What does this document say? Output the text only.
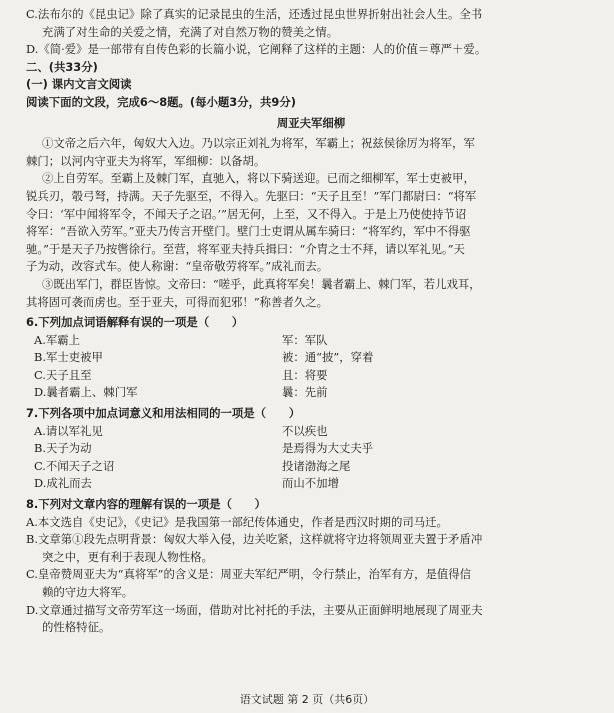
C.法布尔的《昆虫记》除了真实的记录昆虫的生活，还透过昆虫世界折射出社会人生。全书
充满了对生命的关爱之情，充满了对自然万物的赞美之情。
D.《简·爱》是一部带有自传色彩的长篇小说，它阐释了这样的主题：人的价值＝尊严＋爱。
二、(共33分)
(一) 课内文言文阅读
阅读下面的文段，完成6～8题。(每小题3分，共9分)
周亚夫军细柳
①文帝之后六年，匈奴大入边。乃以宗正刘礼为将军，军霸上；祝兹侯徐厉为将军，军
棘门；以河内守亚夫为将军，军细柳：以备胡。
②上自劳军。至霸上及棘门军，直驰入，将以下骑送迎。已而之细柳军，军士吏被甲，
锐兵刃，彀弓弩，持满。天子先驱至，不得入。先驱曰：“天子且至！”军门都尉曰：“将军
令曰：‘军中闻将军令，不闻天子之诏。’”居无何，上至，又不得入。于是上乃使使持节诏
将军：“吾欲入劳军。”亚夫乃传言开壁门。壁门士吏谓从属车骑曰：“将军约，军中不得驱
驰。”于是天子乃按辔徐行。至营，将军亚夫持兵揖曰：“介胄之士不拜，请以军礼见。”天
子为动，改容式车。使人称谢：“皇帝敬劳将军。”成礼而去。
③既出军门，群臣皆惊。文帝曰：“嗟乎，此真将军矣！曩者霸上、棘门军，若儿戏耳，
其将固可袭而虏也。至于亚夫，可得而犯邪！”称善者久之。
6.下列加点词语解释有误的一项是（　　）
A.军霸上	军：军队
B.军士吏被甲	被：通“披”，穿着
C.天子且至	且：将要
D.曩者霸上、棘门军	曩：先前
7.下列各项中加点词意义和用法相同的一项是（　　）
A.请以军礼见	不以疾也
B.天子为动	是焉得为大丈夫乎
C.不闻天子之诏	投诸渤海之尾
D.成礼而去	而山不加增
8.下列对文章内容的理解有误的一项是（　　）
A.本文选自《史记》，《史记》是我国第一部纪传体通史，作者是西汉时期的司马迁。
B.文章第①段先点明背景：匈奴大举入侵，边关吃紧，这样就将守边将领周亚夫置于矛盾冲
突之中，更有利于表现人物性格。
C.皇帝赞周亚夫为“真将军”的含义是：周亚夫军纪严明，令行禁止，治军有方，是值得信
赖的守边大将军。
D.文章通过描写文帝劳军这一场面，借助对比衬托的手法，主要从正面鲜明地展现了周亚夫
的性格特征。
语文试题 第 2 页（共6页）
